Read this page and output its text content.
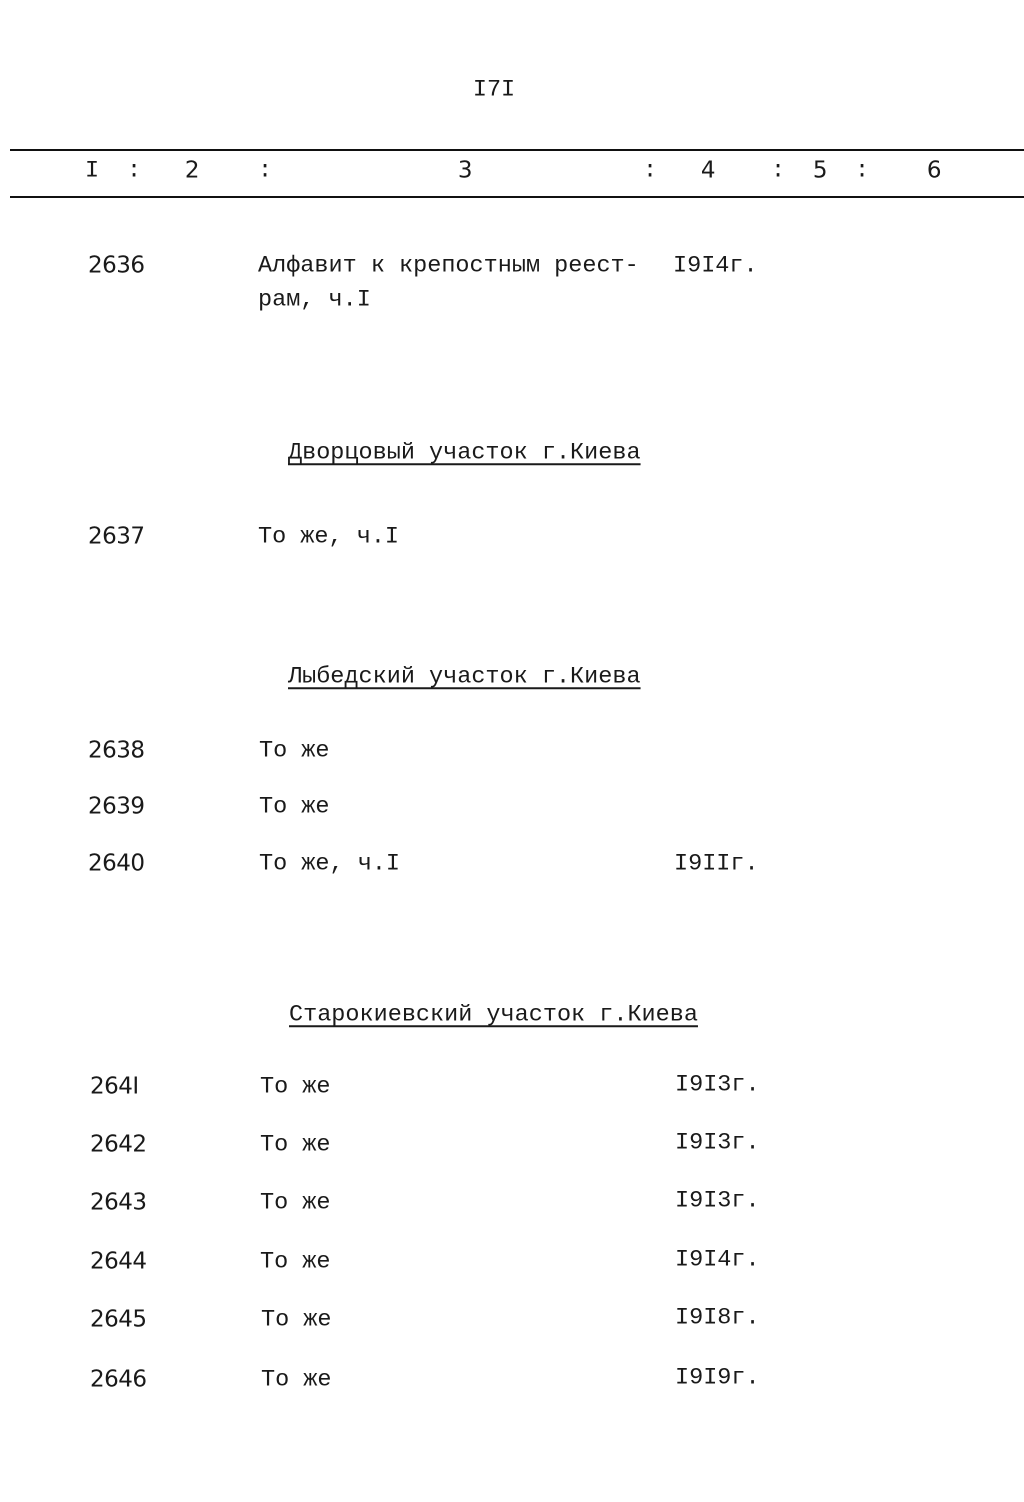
I7I
I : 2	:	3	: 4 : 5 :	6
2636	Алфавит к крепостным реест-
рам, ч.I
I9I4г.
Дворцовый участок г.Киева
2637	То же, ч.I
Лыбедский участок г.Киева
2638	То же
2639	То же
2640	То же, ч.I	I9IIг.
Старокиевский участок г.Киева
264I	То же	I9I3г.
2642	То же	I9I3г.
2643	То же	I9I3г.
2644	То же	I9I4г.
2645	То же	I9I8г.
2646	То же	I9I9г.
